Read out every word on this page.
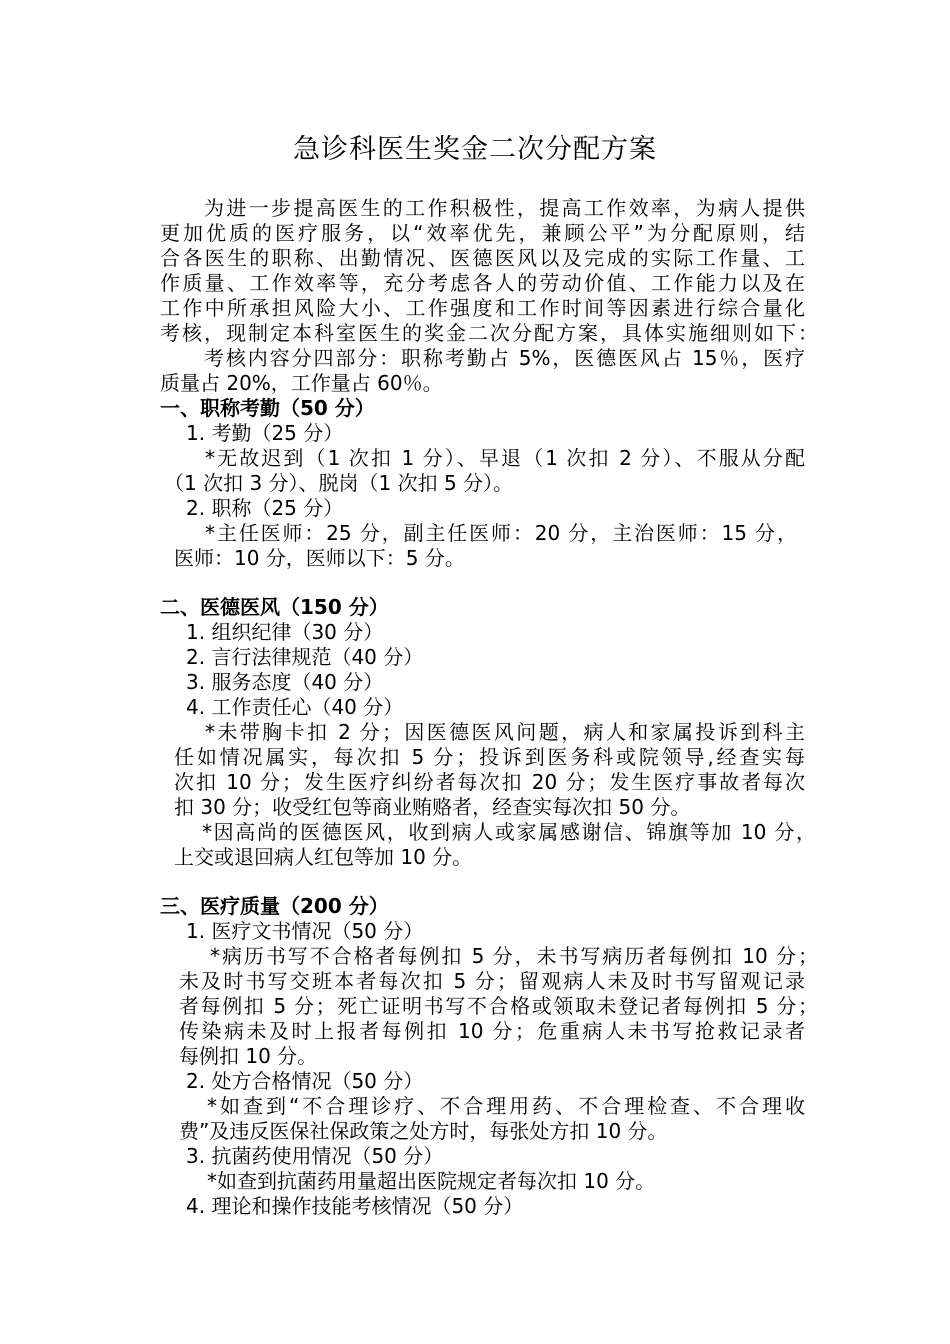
急诊科医生奖金二次分配方案
为进一步提高医生的工作积极性，提高工作效率，为病人提供
更加优质的医疗服务，以“效率优先，兼顾公平”为分配原则，结
合各医生的职称、出勤情况、医德医风以及完成的实际工作量、工
作质量、工作效率等，充分考虑各人的劳动价值、工作能力以及在
工作中所承担风险大小、工作强度和工作时间等因素进行综合量化
考核，现制定本科室医生的奖金二次分配方案，具体实施细则如下：
考核内容分四部分：职称考勤占 5%，医德医风占 15％，医疗
质量占 20%，工作量占 60％。
一、职称考勤（50 分）
1. 考勤（25 分）
*无故迟到（1 次扣 1 分）、早退（1 次扣 2 分）、不服从分配
（1 次扣 3 分）、脱岗（1 次扣 5 分）。
2. 职称（25 分）
*主任医师：25 分，副主任医师：20 分，主治医师：15 分，
医师：10 分，医师以下：5 分。
二、医德医风（150 分）
1. 组织纪律（30 分）
2. 言行法律规范（40 分）
3. 服务态度（40 分）
4. 工作责任心（40 分）
*未带胸卡扣 2 分；因医德医风问题，病人和家属投诉到科主
任如情况属实，每次扣 5 分；投诉到医务科或院领导,经查实每
次扣 10 分；发生医疗纠纷者每次扣 20 分；发生医疗事故者每次
扣 30 分；收受红包等商业贿赂者，经查实每次扣 50 分。
*因高尚的医德医风，收到病人或家属感谢信、锦旗等加 10 分，
上交或退回病人红包等加 10 分。
三、医疗质量（200 分）
1. 医疗文书情况（50 分）
*病历书写不合格者每例扣 5 分，未书写病历者每例扣 10 分；
未及时书写交班本者每次扣 5 分；留观病人未及时书写留观记录
者每例扣 5 分；死亡证明书写不合格或领取未登记者每例扣 5 分；
传染病未及时上报者每例扣 10 分；危重病人未书写抢救记录者
每例扣 10 分。
2. 处方合格情况（50 分）
*如查到“不合理诊疗、不合理用药、不合理检查、不合理收
费”及违反医保社保政策之处方时，每张处方扣 10 分。
3. 抗菌药使用情况（50 分）
*如查到抗菌药用量超出医院规定者每次扣 10 分。
4. 理论和操作技能考核情况（50 分）
